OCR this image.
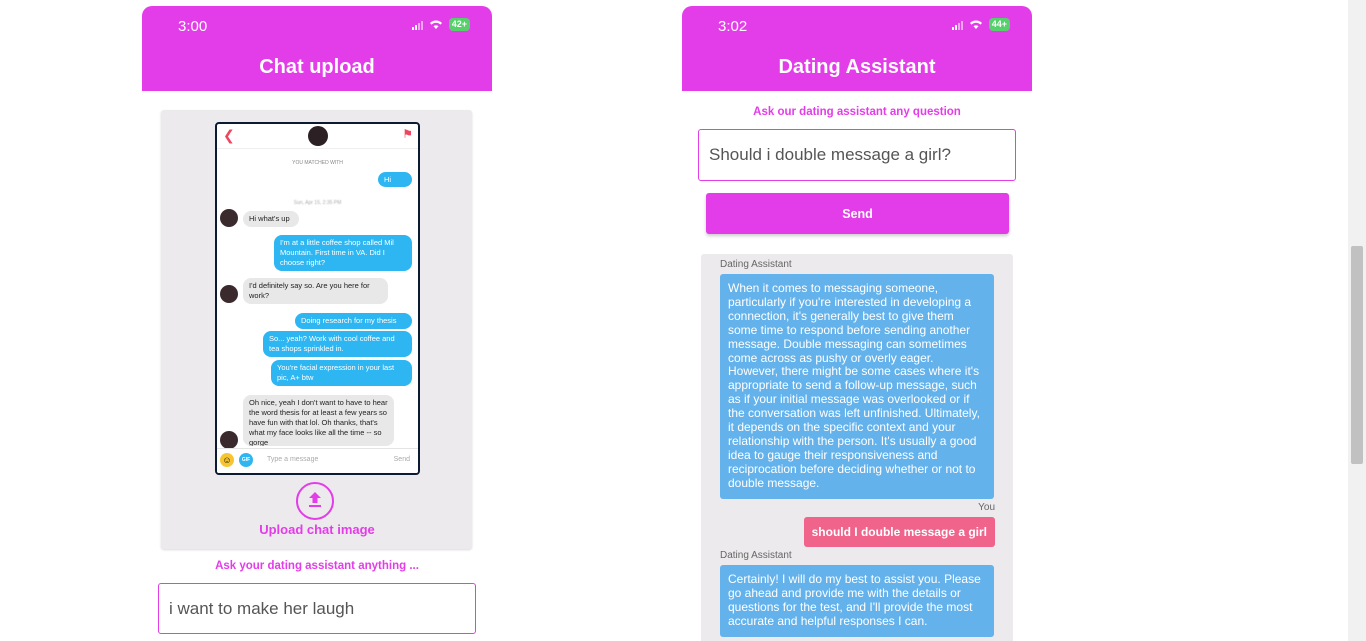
3:00	42+
Chat upload
❮	⚑
YOU MATCHED WITH
Hi
Sun, Apr 15, 2:35 PM
Hi what's up
I'm at a little coffee shop called Mil Mountain. First time in VA. Did I choose right?
I'd definitely say so. Are you here for work?
Doing research for my thesis
So... yeah? Work with cool coffee and tea shops sprinkled in.
You're facial expression in your last pic, A+ btw
Oh nice, yeah I don't want to have to hear the word thesis for at least a few years so have fun with that lol. Oh thanks, that's what my face looks like all the time -- so gorge
☺	GIF	Type a message	Send
Upload chat image
Ask your dating assistant anything ...
i want to make her laugh
3:02	44+
Dating Assistant
Ask our dating assistant any question
Should i double message a girl?
Send
Dating Assistant
When it comes to messaging someone, particularly if you're interested in developing a connection, it's generally best to give them some time to respond before sending another message. Double messaging can sometimes come across as pushy or overly eager. However, there might be some cases where it's appropriate to send a follow-up message, such as if your initial message was overlooked or if the conversation was left unfinished. Ultimately, it depends on the specific context and your relationship with the person. It's usually a good idea to gauge their responsiveness and reciprocation before deciding whether or not to double message.
You
should I double message a girl
Dating Assistant
Certainly! I will do my best to assist you. Please go ahead and provide me with the details or questions for the test, and I'll provide the most accurate and helpful responses I can.
